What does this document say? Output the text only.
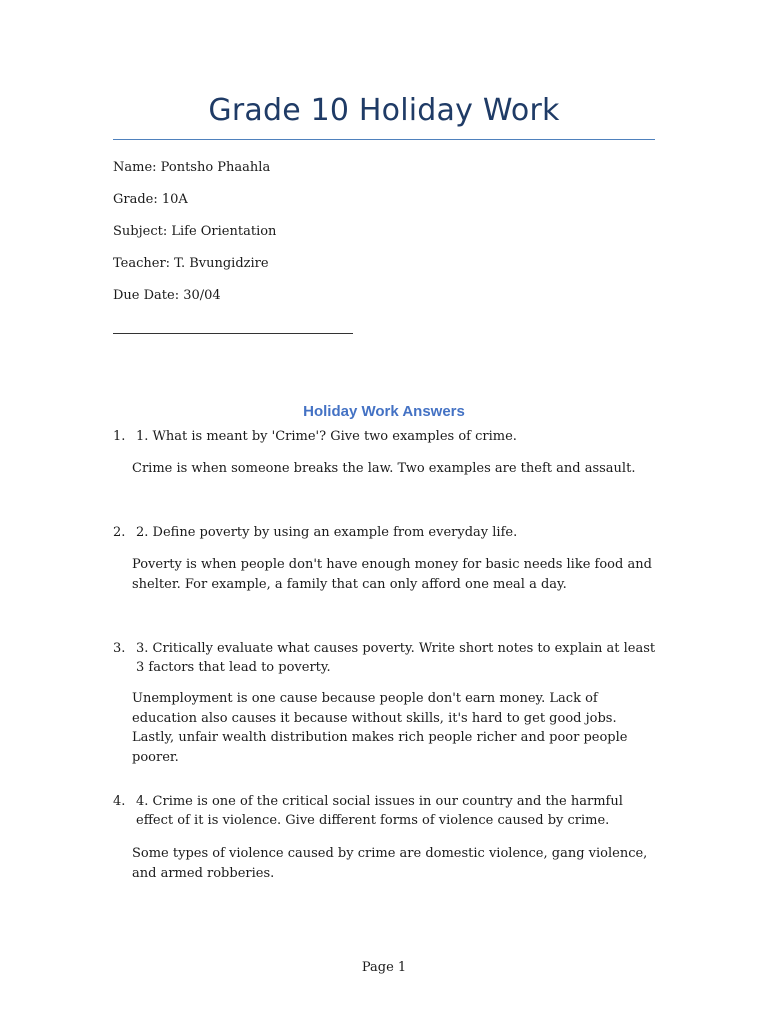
Grade 10 Holiday Work
Name: Pontsho Phaahla
Grade: 10A
Subject: Life Orientation
Teacher: T. Bvungidzire
Due Date: 30/04
Holiday Work Answers
1. 1. What is meant by 'Crime'? Give two examples of crime.
Crime is when someone breaks the law. Two examples are theft and assault.
2. 2. Define poverty by using an example from everyday life.
Poverty is when people don't have enough money for basic needs like food and shelter. For example, a family that can only afford one meal a day.
3. 3. Critically evaluate what causes poverty. Write short notes to explain at least 3 factors that lead to poverty.
Unemployment is one cause because people don't earn money. Lack of education also causes it because without skills, it's hard to get good jobs. Lastly, unfair wealth distribution makes rich people richer and poor people poorer.
4. 4. Crime is one of the critical social issues in our country and the harmful effect of it is violence. Give different forms of violence caused by crime.
Some types of violence caused by crime are domestic violence, gang violence, and armed robberies.
Page 1
